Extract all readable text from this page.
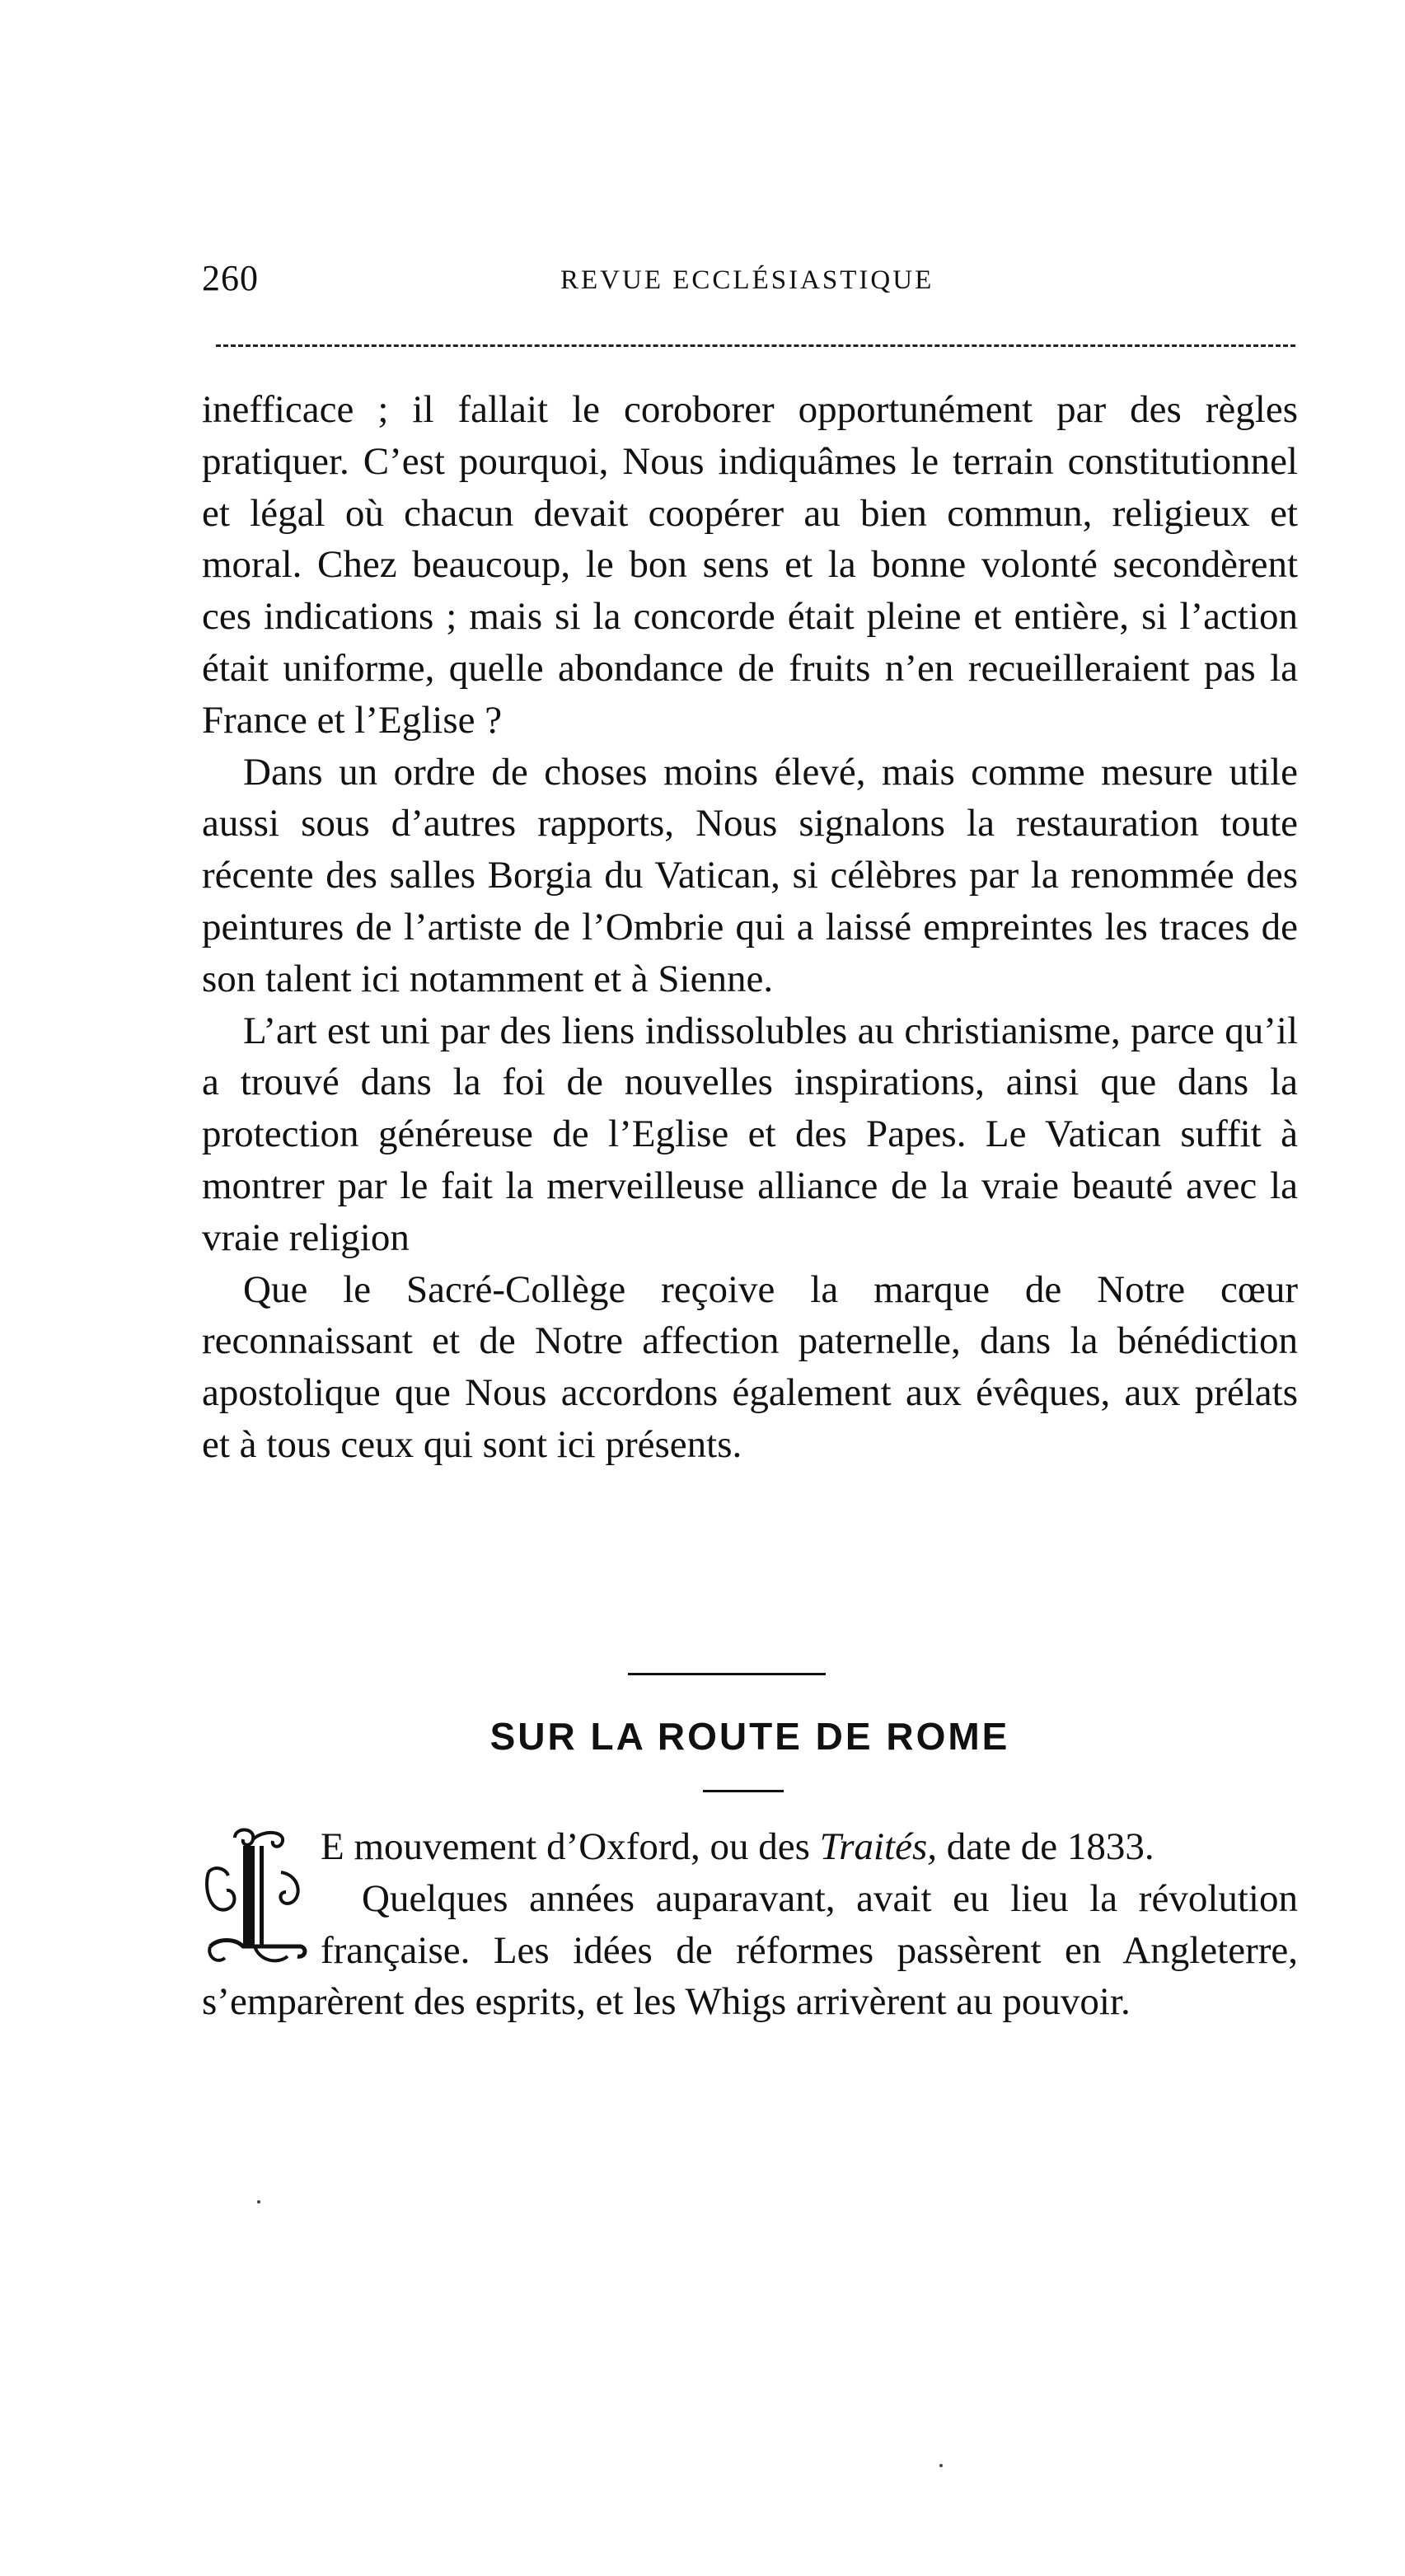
260	REVUE ECCLÉSIASTIQUE

inefficace ; il fallait le coroborer opportunément par des règles pratiquer. C’est pourquoi, Nous indiquâmes le terrain constitutionnel et légal où chacun devait coopérer au bien commun, religieux et moral. Chez beaucoup, le bon sens et la bonne volonté secondèrent ces indications ; mais si la concorde était pleine et entière, si l’action était uniforme, quelle abondance de fruits n’en recueilleraient pas la France et l’Eglise ?

Dans un ordre de choses moins élevé, mais comme mesure utile aussi sous d’autres rapports, Nous signalons la restauration toute récente des salles Borgia du Vatican, si célèbres par la renommée des peintures de l’artiste de l’Ombrie qui a laissé empreintes les traces de son talent ici notamment et à Sienne.

L’art est uni par des liens indissolubles au christianisme, parce qu’il a trouvé dans la foi de nouvelles inspirations, ainsi que dans la protection généreuse de l’Eglise et des Papes. Le Vatican suffit à montrer par le fait la merveilleuse alliance de la vraie beauté avec la vraie religion

Que le Sacré-Collège reçoive la marque de Notre cœur reconnaissant et de Notre affection paternelle, dans la bénédiction apostolique que Nous accordons également aux évêques, aux prélats et à tous ceux qui sont ici présents.

SUR LA ROUTE DE ROME

E mouvement d’Oxford, ou des Traités, date de 1833.

Quelques années auparavant, avait eu lieu la révolution française. Les idées de réformes passèrent en Angleterre, s’emparèrent des esprits, et les Whigs arrivèrent au pouvoir.
